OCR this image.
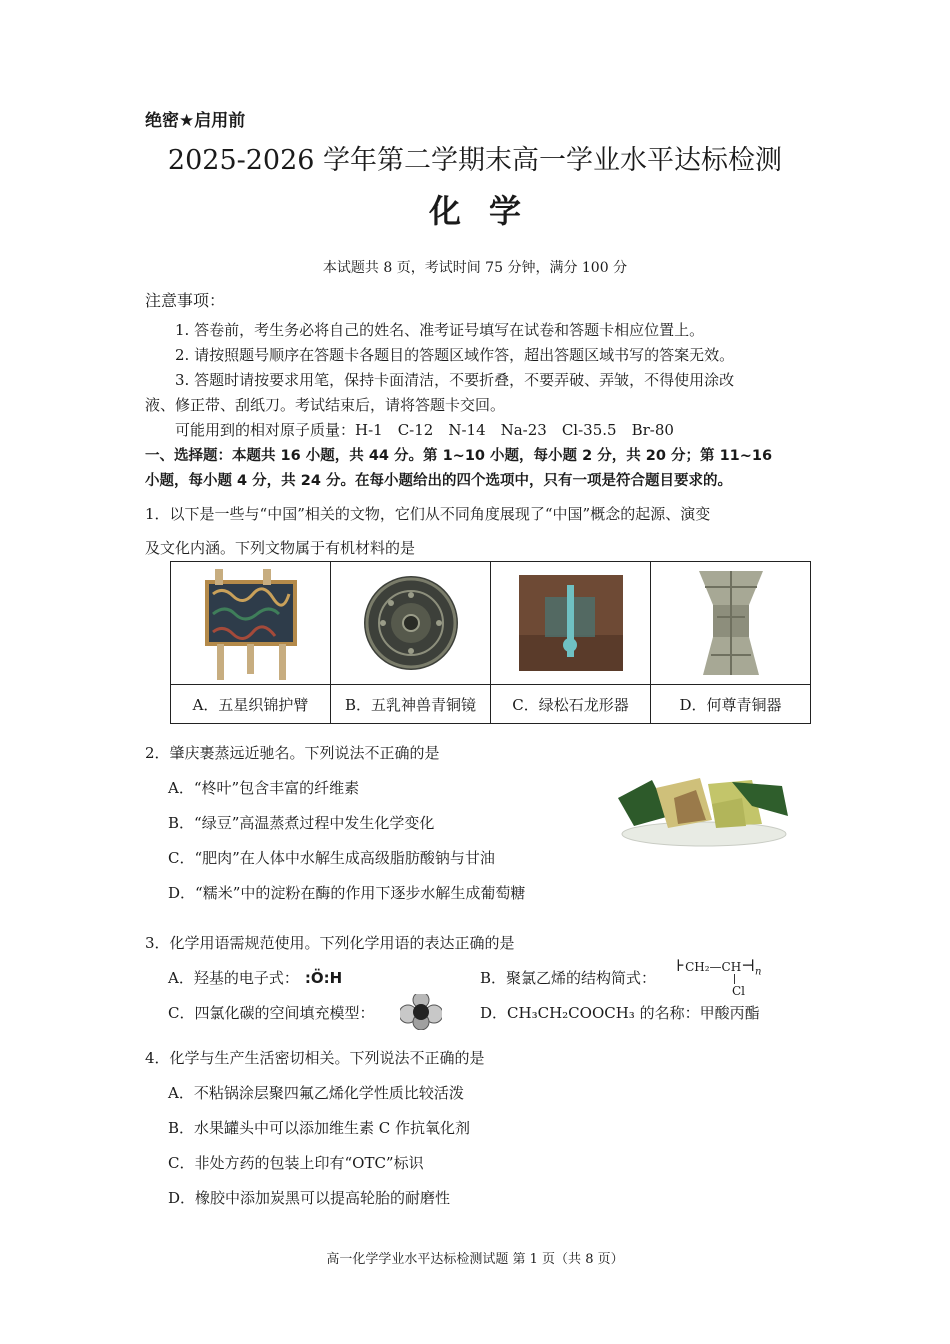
绝密★启用前
2025-2026 学年第二学期末高一学业水平达标检测
化学
本试题共 8 页，考试时间 75 分钟，满分 100 分
注意事项：
1. 答卷前，考生务必将自己的姓名、准考证号填写在试卷和答题卡相应位置上。
2. 请按照题号顺序在答题卡各题目的答题区域作答，超出答题区域书写的答案无效。
3. 答题时请按要求用笔，保持卡面清洁，不要折叠，不要弄破、弄皱，不得使用涂改
液、修正带、刮纸刀。考试结束后，请将答题卡交回。
可能用到的相对原子质量：H-1　C-12　N-14　Na-23　Cl-35.5　Br-80
一、选择题：本题共 16 小题，共 44 分。第 1~10 小题，每小题 2 分，共 20 分；第 11~16
小题，每小题 4 分，共 24 分。在每小题给出的四个选项中，只有一项是符合题目要求的。
1．以下是一些与“中国”相关的文物，它们从不同角度展现了“中国”概念的起源、演变
及文化内涵。下列文物属于有机材料的是

A．五星织锦护臂	B．五乳神兽青铜镜	C．绿松石龙形器	D．何尊青铜器
2．肇庆裹蒸远近驰名。下列说法不正确的是
A．“柊叶”包含丰富的纤维素
B．“绿豆”高温蒸煮过程中发生化学变化
C．“肥肉”在人体中水解生成高级脂肪酸钠与甘油
D．“糯米”中的淀粉在酶的作用下逐步水解生成葡萄糖
3．化学用语需规范使用。下列化学用语的表达正确的是
A．羟基的电子式： :Ö:H	B．聚氯乙烯的结构简式：
$⊦CH_2—CH⊣_n$
Cl
C．四氯化碳的空间填充模型：	D．CH₃CH₂COOCH₃ 的名称：甲酸丙酯
4．化学与生产生活密切相关。下列说法不正确的是
A．不粘锅涂层聚四氟乙烯化学性质比较活泼
B．水果罐头中可以添加维生素 C 作抗氧化剂
C．非处方药的包装上印有“OTC”标识
D．橡胶中添加炭黑可以提高轮胎的耐磨性
高一化学学业水平达标检测试题 第 1 页（共 8 页）
